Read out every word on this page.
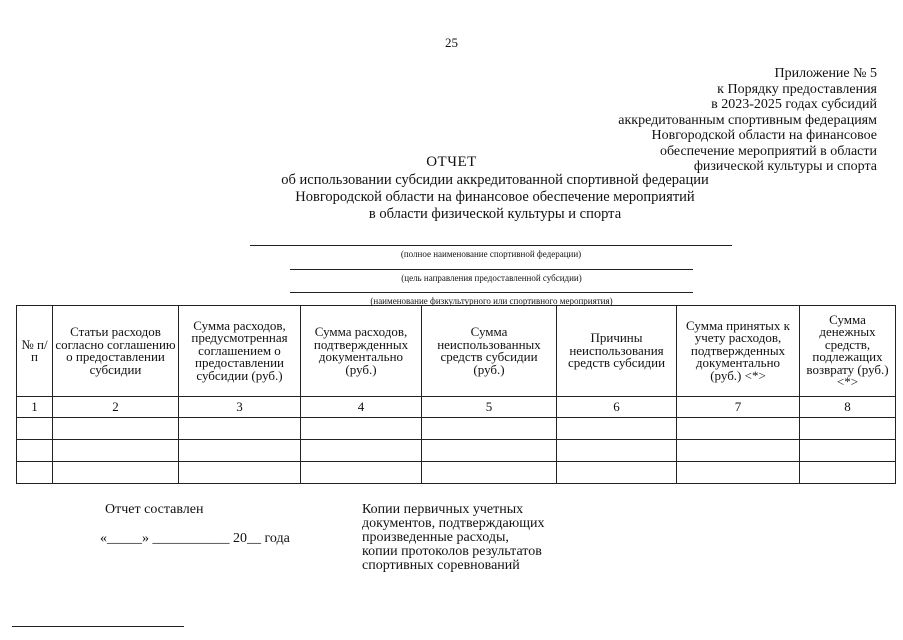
25
Приложение № 5
к Порядку предоставления
в 2023-2025 годах субсидий
аккредитованным спортивным федерациям
Новгородской области на финансовое
обеспечение мероприятий в области
физической культуры и спорта
ОТЧЕТ
об использовании субсидии аккредитованной спортивной федерации
Новгородской области на финансовое обеспечение мероприятий
в области физической культуры и спорта
(полное наименование спортивной федерации)
(цель направления предоставленной субсидии)
(наименование физкультурного или спортивного мероприятия)
№ п/п	Статьи расходов согласно соглашению о предоставлении субсидии	Сумма расходов, предусмотренная соглашением о предоставлении субсидии (руб.)	Сумма расходов, подтвержденных документально (руб.)	Сумма неиспользованных средств субсидии (руб.)	Причины неиспользования средств субсидии	Сумма принятых к учету расходов, подтвержденных документально (руб.) <*>	Сумма денежных средств, подлежащих возврату (руб.) <*>
1	2	3	4	5	6	7	8

Отчет составлен
«_____» ___________ 20__ года
Копии первичных учетных
документов, подтверждающих
произведенные расходы,
копии протоколов результатов
спортивных соревнований
